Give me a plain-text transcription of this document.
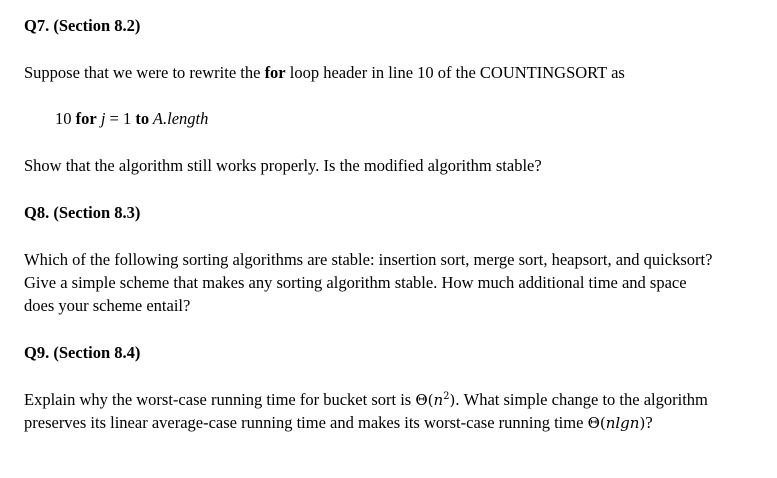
Q7. (Section 8.2)
Suppose that we were to rewrite the for loop header in line 10 of the COUNTINGSORT as
10 for j = 1 to A.length
Show that the algorithm still works properly. Is the modified algorithm stable?
Q8. (Section 8.3)
Which of the following sorting algorithms are stable: insertion sort, merge sort, heapsort, and quicksort?
Give a simple scheme that makes any sorting algorithm stable. How much additional time and space
does your scheme entail?
Q9. (Section 8.4)
Explain why the worst-case running time for bucket sort is $\Theta(n^2)$. What simple change to the algorithm
preserves its linear average-case running time and makes its worst-case running time Θ(nlgn)?
